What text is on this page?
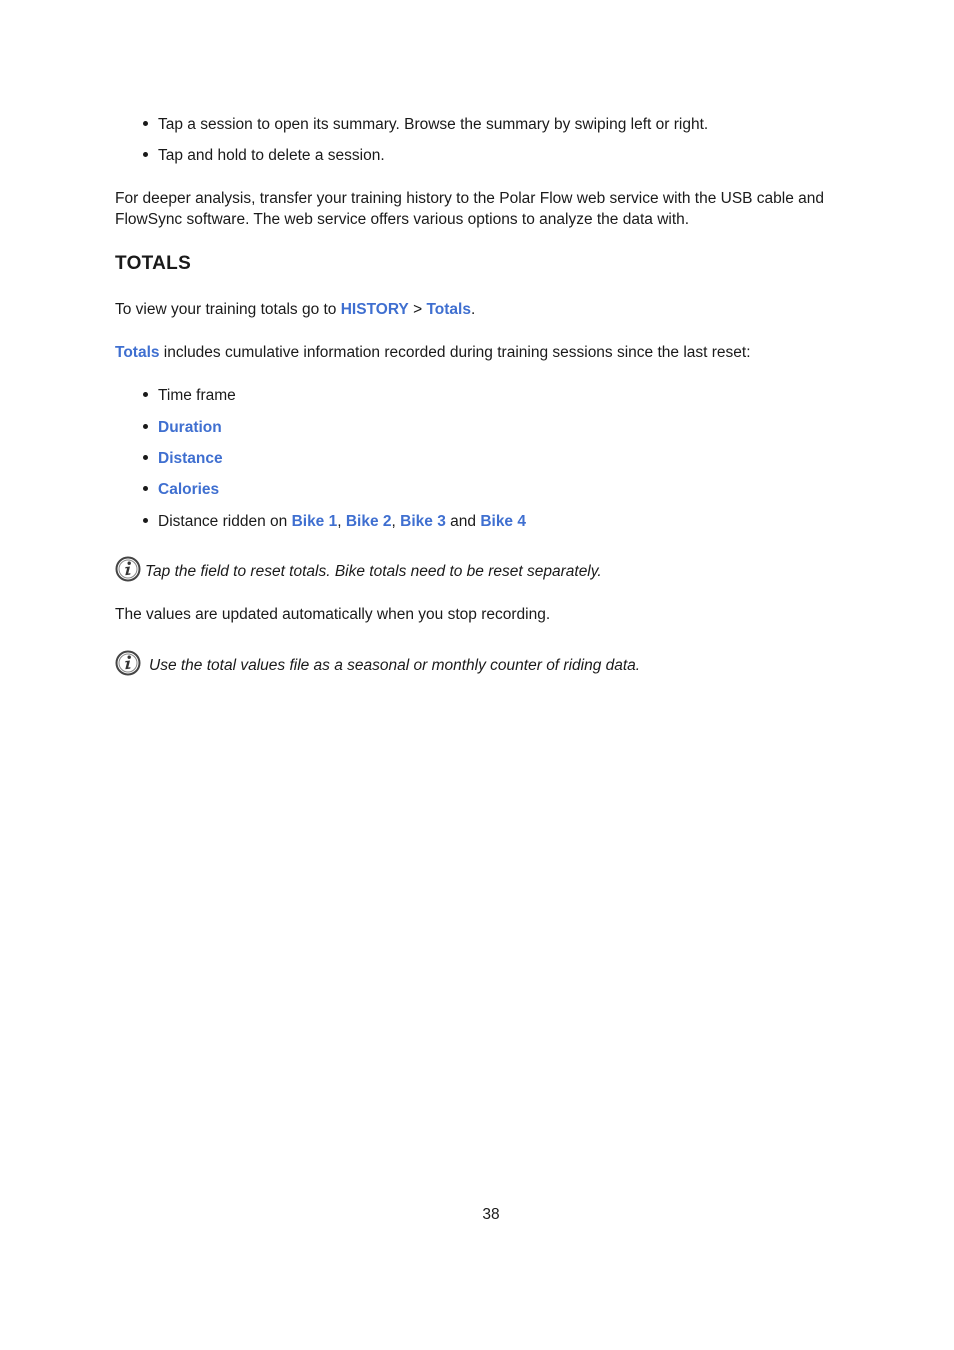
Tap a session to open its summary. Browse the summary by swiping left or right.
Tap and hold to delete a session.
For deeper analysis, transfer your training history to the Polar Flow web service with the USB cable and FlowSync software. The web service offers various options to analyze the data with.
TOTALS
To view your training totals go to HISTORY > Totals.
Totals includes cumulative information recorded during training sessions since the last reset:
Time frame
Duration
Distance
Calories
Distance ridden on Bike 1, Bike 2, Bike 3 and Bike 4
Tap the field to reset totals. Bike totals need to be reset separately.
The values are updated automatically when you stop recording.
Use the total values file as a seasonal or monthly counter of riding data.
38
